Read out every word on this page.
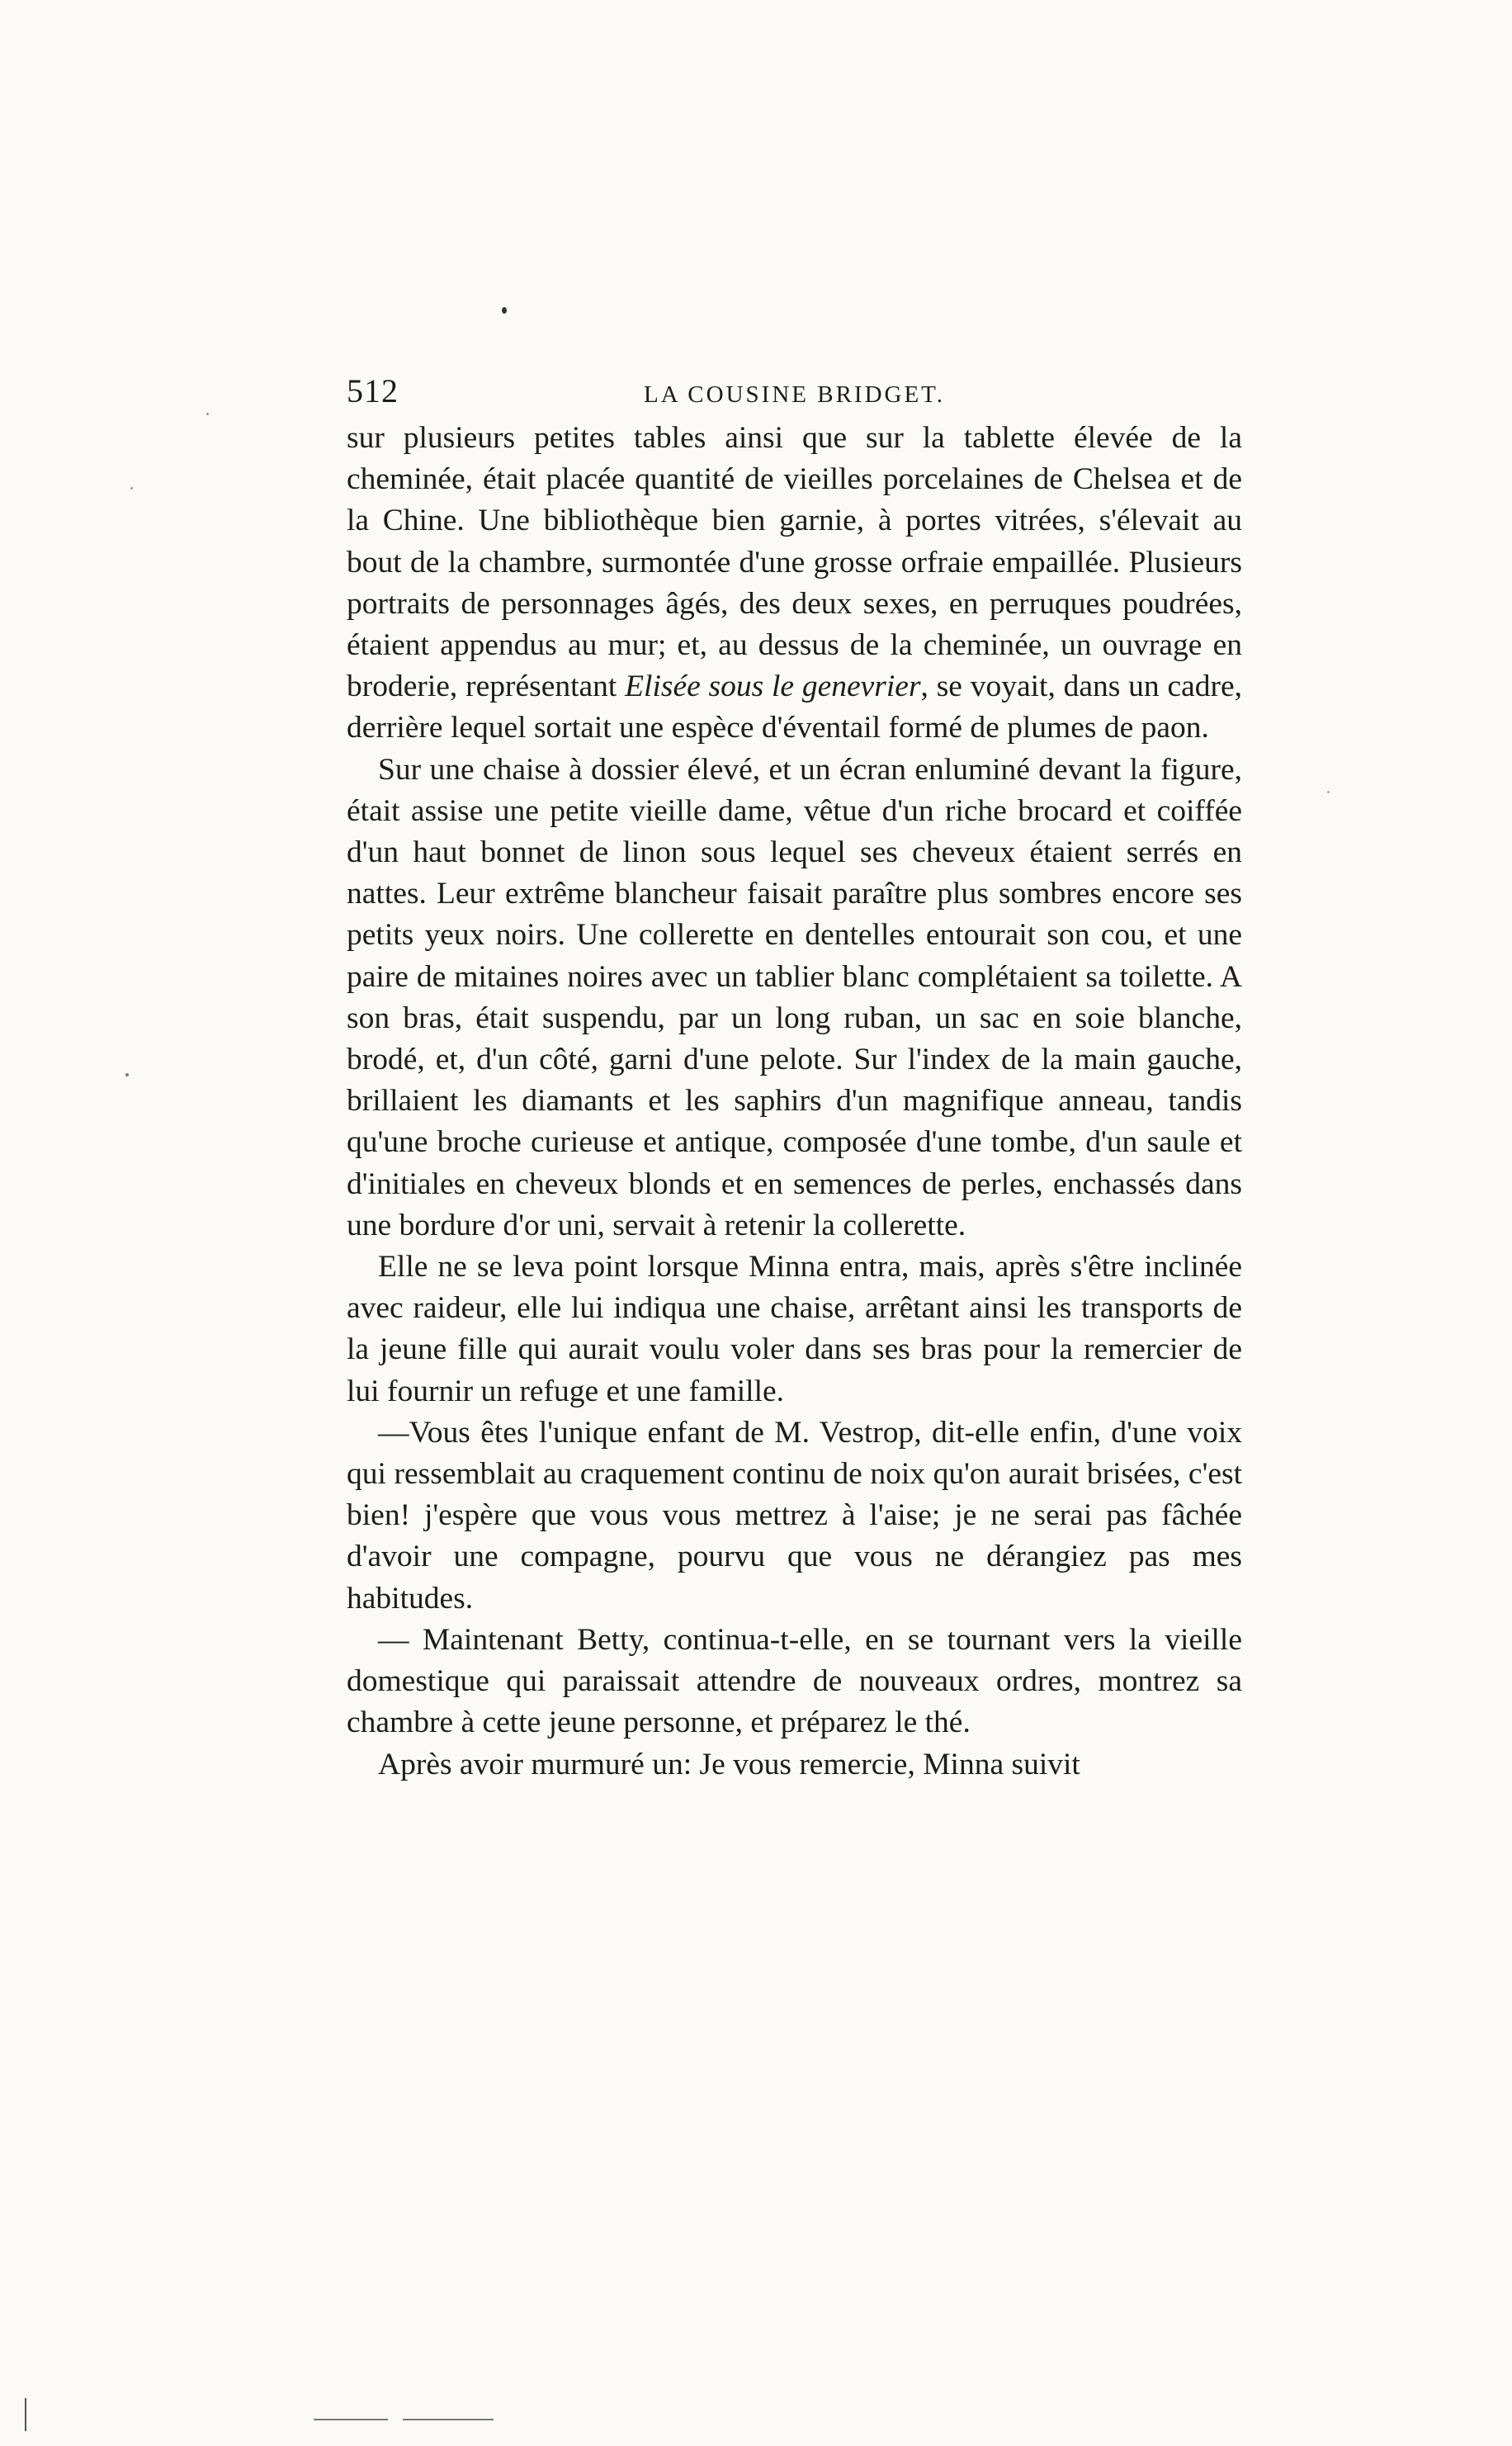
512	LA COUSINE BRIDGET.

sur plusieurs petites tables ainsi que sur la tablette élevée de la cheminée, était placée quantité de vieilles porcelaines de Chelsea et de la Chine. Une bibliothèque bien garnie, à portes vitrées, s'élevait au bout de la chambre, surmontée d'une grosse orfraie empaillée. Plusieurs portraits de personnages âgés, des deux sexes, en perruques poudrées, étaient appendus au mur; et, au dessus de la cheminée, un ouvrage en broderie, représentant Elisée sous le genevrier, se voyait, dans un cadre, derrière lequel sortait une espèce d'éventail formé de plumes de paon.

Sur une chaise à dossier élevé, et un écran enluminé devant la figure, était assise une petite vieille dame, vêtue d'un riche brocard et coiffée d'un haut bonnet de linon sous lequel ses cheveux étaient serrés en nattes. Leur extrême blancheur faisait paraître plus sombres encore ses petits yeux noirs. Une collerette en dentelles entourait son cou, et une paire de mitaines noires avec un tablier blanc complétaient sa toilette. A son bras, était suspendu, par un long ruban, un sac en soie blanche, brodé, et, d'un côté, garni d'une pelote. Sur l'index de la main gauche, brillaient les diamants et les saphirs d'un magnifique anneau, tandis qu'une broche curieuse et antique, composée d'une tombe, d'un saule et d'initiales en cheveux blonds et en semences de perles, enchassés dans une bordure d'or uni, servait à retenir la collerette.

Elle ne se leva point lorsque Minna entra, mais, après s'être inclinée avec raideur, elle lui indiqua une chaise, arrêtant ainsi les transports de la jeune fille qui aurait voulu voler dans ses bras pour la remercier de lui fournir un refuge et une famille.

—Vous êtes l'unique enfant de M. Vestrop, dit-elle enfin, d'une voix qui ressemblait au craquement continu de noix qu'on aurait brisées, c'est bien! j'espère que vous vous mettrez à l'aise; je ne serai pas fâchée d'avoir une compagne, pourvu que vous ne dérangiez pas mes habitudes.

— Maintenant Betty, continua-t-elle, en se tournant vers la vieille domestique qui paraissait attendre de nouveaux ordres, montrez sa chambre à cette jeune personne, et préparez le thé.

Après avoir murmuré un: Je vous remercie, Minna suivit
